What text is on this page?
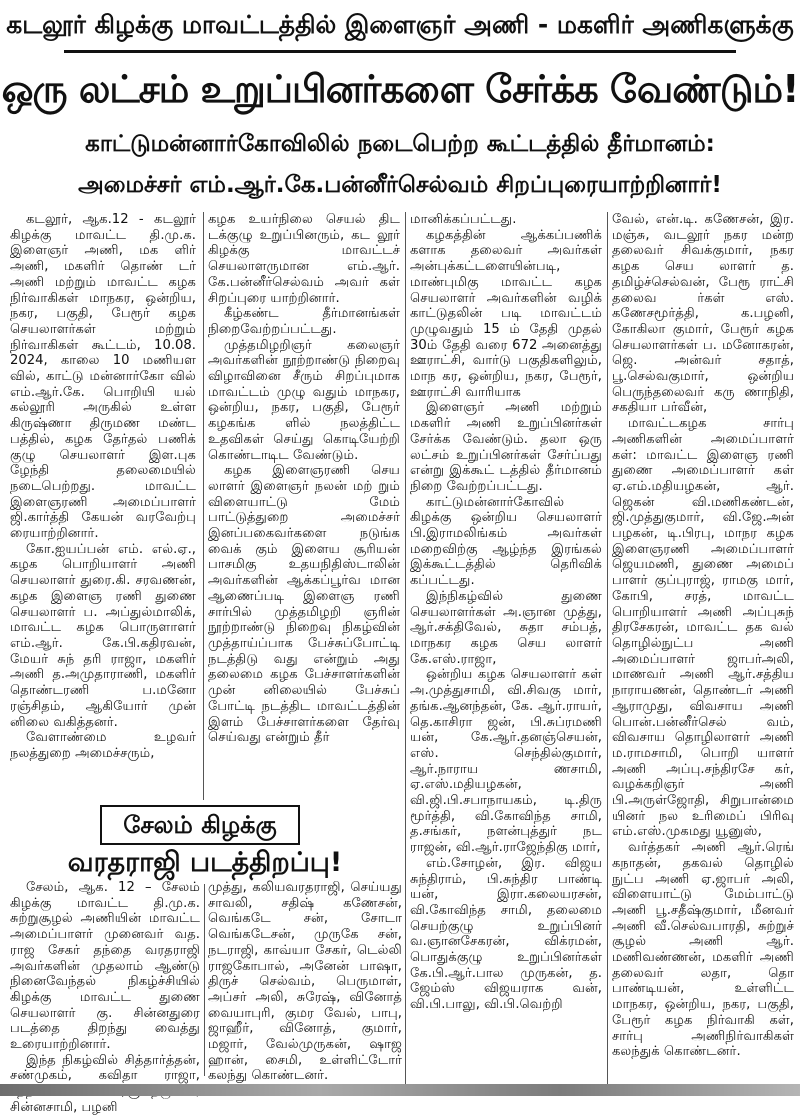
கடலூர் கிழக்கு மாவட்டத்தில் இளைஞர் அணி - மகளிர் அணிகளுக்கு
ஒரு லட்சம் உறுப்பினர்களை சேர்க்க வேண்டும்!
காட்டுமன்னார்கோவிலில் நடைபெற்ற கூட்டத்தில் தீர்மானம்:
அமைச்சர் எம்.ஆர்.கே.பன்னீர்செல்வம் சிறப்புரையாற்றினார்!

கடலூர், ஆக.12 - கடலூர் கிழக்கு மாவட்ட தி.மு.க. இளைஞர் அணி, மக ளிர் அணி, மகளிர் தொண் டர் அணி மற்றும் மாவட்ட கழக நிர்வாகிகள் மாநகர, ஒன்றிய, நகர, பகுதி, பேரூர் கழக செயலாளர்கள் மற்றும் நிர்வாகிகள் கூட்டம், 10.08. 2024, காலை 10 மணியள வில், காட்டு மன்னார்கோ வில் எம்.ஆர்.கே. பொறியி யல் கல்லூரி அருகில் உள்ள கிருஷ்ணா திருமண மண்ட பத்தில், கழக தேர்தல் பணிக் குழு செயலாளர் இள.புக ழேந்தி தலைமையில் நடைபெற்றது. மாவட்ட இளைஞரணி அமைப்பாளர் ஜி.கார்த்தி கேயன் வரவேற்பு ரையாற்றினார்.

கோ.ஐயப்பன் எம். எல்.ஏ., கழக பொறியாளர் அணி செயலாளர் துரை.கி. சரவணன், கழக இளைஞ ரணி துணை செயலாளர் ப. அப்துல்மாலிக், மாவட்ட கழக பொருளாளர் எம்.ஆர். கே.பி.கதிரவன், மேயர் சுந் தரி ராஜா, மகளிர் அணி த.அமுதாராணி, மகளிர் தொண்டரணி ப.மனோ ரஞ்சிதம், ஆகியோர் முன் னிலை வகித்தனர்.

வேளாண்மை உழவர் நலத்துறை அமைச்சரும்,

கழக உயர்நிலை செயல் திட டக்குழு உறுப்பினரும், கட லூர் கிழக்கு மாவட்டச் செயலாளருமான எம்.ஆர். கே.பன்னீர்செல்வம் அவர் கள் சிறப்புரை யாற்றினார்.

கீழ்கண்ட தீர்மானங்கள் நிறைவேற்றப்பட்டது.

முத்தமிழறிஞர் கலைஞர் அவர்களின் நூற்றாண்டு நிறைவு விழாவினை சீரும் சிறப்புமாக மாவட்டம் முழு வதும் மாநகர, ஒன்றிய, நகர, பகுதி, பேரூர் கழகங்க ளில் நலத்திட்ட உதவிகள் செய்து கொடியேற்றி கொண்டாடிட வேண்டும்.

கழக இளைஞரணி செய லாளர் இளைஞர் நலன் மற் றும் விளையாட்டு மேம் பாட்டுத்துறை அமைச்சர் இனப்பகைவர்களை நடுங்க வைக் கும் இளைய சூரியன் பாசமிகு உதயநிதிஸ்டாலின் அவர்களின் ஆக்கப்பூர்வ மான ஆணைப்படி இளைஞ ரணி சார்பில் முத்தமிழறி ஞரின் நூற்றாண்டு நிறைவு நிகழ்வின் முத்தாய்ப்பாக பேச்சுப்போட்டி நடத்திடு வது என்றும் அது தலைமை கழக பேச்சாளர்களின் முன் னிலையில் பேச்சுப் போட்டி நடத்திட மாவட்டத்தின் இளம் பேச்சாளர்களை தேர்வு செய்வது என்றும் தீர்

மானிக்கப்பட்டது.

கழகத்தின் ஆக்கப்பணிக் களாக தலைவர் அவர்கள் அன்புக்கட்டளையின்படி, மாண்புமிகு மாவட்ட கழக செயலாளர் அவர்களின் வழிக் காட்டுதலின் படி மாவட்டம் முழுவதும் 15 ம் தேதி முதல் 30ம் தேதி வரை 672 அனைத்து ஊராட்சி, வார்டு பகுதிகளிலும், மாந கர, ஒன்றிய, நகர, பேரூர், ஊராட்சி வாரியாக

இளைஞர் அணி மற்றும் மகளிர் அணி உறுப்பினர்கள் சேர்க்க வேண்டும். தலா ஒரு லட்சம் உறுப்பினர்கள் சேர்ப்பது என்று இக்கூட் டத்தில் தீர்மானம் நிறை வேற்றப்பட்டது.

காட்டுமன்னார்கோவில் கிழக்கு ஒன்றிய செயலாளர் பி.இராமலிங்கம் அவர்கள் மறைவிற்கு ஆழ்ந்த இரங்கல் இக்கூட்டத்தில் தெரிவிக் கப்பட்டது.

இந்நிகழ்வில் துணை செயலாளர்கள் அ.ஞான முத்து, ஆர்.சக்திவேல், சுதா சம்பத், மாநகர கழக செய லாளர் கே.எஸ்.ராஜா,

ஒன்றிய கழக செயலாளர் கள் அ.முத்துசாமி, வி.சிவகு மார், தங்க.ஆனந்தன், கே. ஆர்.ராயர், தெ.காசிரா ஜன், பி.சுப்ரமணி யன், கே.ஆர்.தனஞ்செயன், எஸ். செந்தில்குமார், ஆர்.நாராய ணசாமி, ஏ.எஸ்.மதியழகன், வி.ஜி.பி.சபாநாயகம், டி.திரு மூர்த்தி, வி.கோவிந்த சாமி, த.சங்கர், நளன்புத்துர் நட ராஜன், வி.ஆர்.ராஜேந்திகு மார்,

எம்.சோழன், இர. விஜய சுந்திராம், பி.சுந்திர பாண்டி யன், இரா.கலையரசன், வி.கோவிந்த சாமி, தலைமை செயற்குழு உறுப்பினர் வ.ஞானசேகரன், விக்ரமன், பொதுக்குழு உறுப்பினர்கள் கே.பி.ஆர்.பால முருகன், த. ஜேம்ஸ் விஜயராக வன், வி.பி.பாலு, வி.பி.வெற்றி

வேல், என்.டி. கணேசன், இர. மஞ்சு, வடலூர் நகர மன்ற தலைவர் சிவக்குமார், நகர கழக செய லாளர் த. தமிழ்ச்செல்வன், பேரூ ராட்சி தலைவ ர்கள் எஸ். கணேசமூர்த்தி, க.பழனி, கோகிலா குமார், பேரூர் கழக செயலாளர்கள் ப. மனோகரன், ஜெ. அன்வர் சதாத், பூ.செல்வகுமார், ஒன்றிய பெருந்தலைவர் கரு ணாநிதி, சகதியா பர்வீன்,

மாவட்டகழக சார்பு அணிகளின் அமைப்பாளர் கள்: மாவட்ட இளைஞ ரணி துணை அமைப்பாளர் கள் ஏ.எம்.மதியழகன், ஆர். ஜெகன் வி.மணிகண்டன், ஜி.முத்துகுமார், வி.ஜே.அன் பழகன், டி.பிரபு, மாநர கழக இளைஞரணி அமைப்பாளர் ஜெயமணி, துணை அமைப் பாளர் குப்புராஜ், ராமகு மார், கோபி, சரத், மாவட்ட பொறியாளர் அணி அப்புசுந் திரசேகரன், மாவட்ட தக வல் தொழில்நுட்ப அணி அமைப்பாளர் ஜாபர்அலி, மாணவர் அணி ஆர்.சத்திய நாராயணன், தொண்டர் அணி ஆராமுது, விவசாய அணி பொன்.பன்னீர்செல் வம், விவசாய தொழிலாளர் அணி ம.ராமசாமி, பொறி யாளர் அணி அப்பு.சந்திரசே கர், வழக்கறிஞர் அணி பி.அருள்ஜோதி, சிறுபான்மை யினர் நல உரிமைப் பிரிவு எம்.எஸ்.முகமது யூனுஸ்,

வர்த்தகர் அணி ஆர்.ரெங் கநாதன், தகவல் தொழில் நுட்ப அணி ஏ.ஜாபர் அலி, விளையாட்டு மேம்பாட்டு அணி பூ.சதீஷ்குமார், மீனவர் அணி வீ.செல்வபாரதி, சுற்றுச் சூழல் அணி ஆர். மணிவண்ணன், மகளிர் அணி தலைவர் லதா, தொ பாண்டியன், உள்ளிட்ட மாநகர, ஒன்றிய, நகர, பகுதி, பேரூர் கழக நிர்வாகி கள், சார்பு அணிநிர்வாகிகள் கலந்துக் கொண்டனர்.

சேலம் கிழக்கு
வரதராஜி படத்திறப்பு!

சேலம், ஆக. 12 – சேலம் கிழக்கு மாவட்ட தி.மு.க. சுற்றுசூழல் அணியின் மாவட்ட அமைப்பாளர் முனைவர் வத. ராஜ சேகர் தந்தை வரதராஜி அவர்களின் முதலாம் ஆண்டு நினைவேந்தல் நிகழ்ச்சியில் கிழக்கு மாவட்ட துணை செயலாளர் கு. சின்னதுரை படத்தை திறந்து வைத்து உரையாற்றினார்.

இந்த நிகழ்வில் சித்தார்த்தன், சண்முகம், கவிதா ராஜா, சின்னசாமி, பழனி

முத்து, கலியவரதராஜி, செய்யது சாவலி, சதிஷ் கணேசன், வெங்கடே சன், சோடா வெங்கடேசன், முருகே சன், நடராஜி, காவ்யா சேகர், டெல்லி ராஜகோபால், அனேன் பாஷா, திருச் செல்வம், பெருமாள், அப்சர் அலி, சுரேஷ், வினோத் வையாபுரி, குமர வேல், பாபு, ஜாஹீர், வினோத், குமார், மஜார், வேல்முருகன், ஷாஜ ஹான், சைமி, உள்ளிட்டோர் கலந்து கொண்டனர்.
